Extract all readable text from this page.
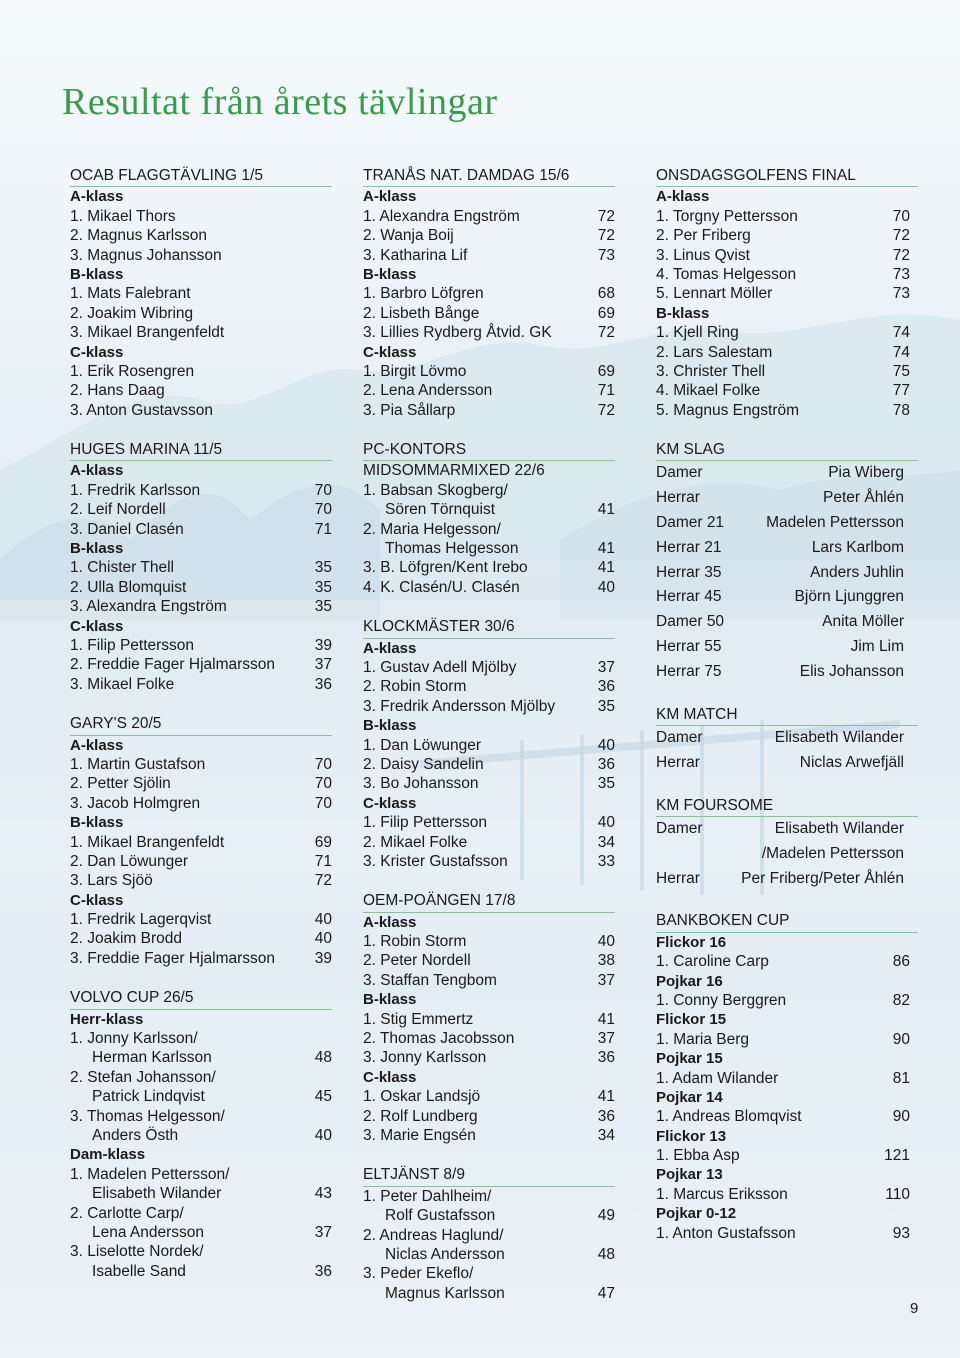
Resultat från årets tävlingar
OCAB FLAGGTÄVLING 1/5
A-klass
1. Mikael Thors
2. Magnus Karlsson
3. Magnus Johansson
B-klass
1. Mats Falebrant
2. Joakim Wibring
3. Mikael Brangenfeldt
C-klass
1. Erik Rosengren
2. Hans Daag
3. Anton Gustavsson
HUGES MARINA 11/5
A-klass
1. Fredrik Karlsson	70
2. Leif Nordell	70
3. Daniel Clasén	71
B-klass
1. Chister Thell	35
2. Ulla Blomquist	35
3. Alexandra Engström	35
C-klass
1. Filip Pettersson	39
2. Freddie Fager Hjalmarsson	37
3. Mikael Folke	36
GARY'S 20/5
A-klass
1. Martin Gustafson	70
2. Petter Sjölin	70
3. Jacob Holmgren	70
B-klass
1. Mikael Brangenfeldt	69
2. Dan Löwunger	71
3. Lars Sjöö	72
C-klass
1. Fredrik Lagerqvist	40
2. Joakim Brodd	40
3. Freddie Fager Hjalmarsson	39
VOLVO CUP 26/5
Herr-klass
1. Jonny Karlsson/
Herman Karlsson	48
2. Stefan Johansson/
Patrick Lindqvist	45
3. Thomas Helgesson/
Anders Östh	40
Dam-klass
1. Madelen Pettersson/
Elisabeth Wilander	43
2. Carlotte Carp/
Lena Andersson	37
3. Liselotte Nordek/
Isabelle Sand	36
TRANÅS NAT. DAMDAG 15/6
A-klass
1. Alexandra Engström	72
2. Wanja Boij	72
3. Katharina Lif	73
B-klass
1. Barbro Löfgren	68
2. Lisbeth Bånge	69
3. Lillies Rydberg Åtvid. GK	72
C-klass
1. Birgit Lövmo	69
2. Lena Andersson	71
3. Pia Sållarp	72
PC-KONTORS
MIDSOMMARMIXED 22/6
1. Babsan Skogberg/
Sören Törnquist	41
2. Maria Helgesson/
Thomas Helgesson	41
3. B. Löfgren/Kent Irebo	41
4. K. Clasén/U. Clasén	40
KLOCKMÄSTER 30/6
A-klass
1. Gustav Adell Mjölby	37
2. Robin Storm	36
3. Fredrik Andersson Mjölby	35
B-klass
1. Dan Löwunger	40
2. Daisy Sandelin	36
3. Bo Johansson	35
C-klass
1. Filip Pettersson	40
2. Mikael Folke	34
3. Krister Gustafsson	33
OEM-POÄNGEN 17/8
A-klass
1. Robin Storm	40
2. Peter Nordell	38
3. Staffan Tengbom	37
B-klass
1. Stig Emmertz	41
2. Thomas Jacobsson	37
3. Jonny Karlsson	36
C-klass
1. Oskar Landsjö	41
2. Rolf Lundberg	36
3. Marie Engsén	34
ELTJÄNST 8/9
1. Peter Dahlheim/
Rolf Gustafsson	49
2. Andreas Haglund/
Niclas Andersson	48
3. Peder Ekeflo/
Magnus Karlsson	47
ONSDAGSGOLFENS FINAL
A-klass
1. Torgny Pettersson	70
2. Per Friberg	72
3. Linus Qvist	72
4. Tomas Helgesson	73
5. Lennart Möller	73
B-klass
1. Kjell Ring	74
2. Lars Salestam	74
3. Christer Thell	75
4. Mikael Folke	77
5. Magnus Engström	78
KM SLAG
Damer	Pia Wiberg
Herrar	Peter Åhlén
Damer 21	Madelen Pettersson
Herrar 21	Lars Karlbom
Herrar 35	Anders Juhlin
Herrar 45	Björn Ljunggren
Damer 50	Anita Möller
Herrar 55	Jim Lim
Herrar 75	Elis Johansson
KM MATCH
Damer	Elisabeth Wilander
Herrar	Niclas Arwefjäll
KM FOURSOME
Damer	Elisabeth Wilander
/Madelen Pettersson
Herrar	Per Friberg/Peter Åhlén
BANKBOKEN CUP
Flickor 16
1. Caroline Carp	86
Pojkar 16
1. Conny Berggren	82
Flickor 15
1. Maria Berg	90
Pojkar 15
1. Adam Wilander	81
Pojkar 14
1. Andreas Blomqvist	90
Flickor 13
1. Ebba Asp	121
Pojkar 13
1. Marcus Eriksson	110
Pojkar 0-12
1. Anton Gustafsson	93
9
